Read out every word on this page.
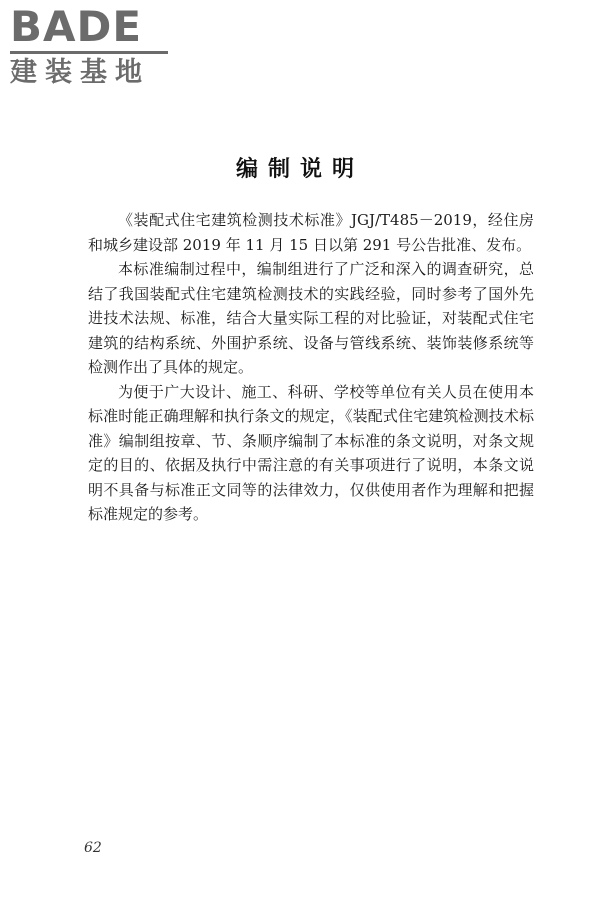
BADE
建装基地
编制说明

《装配式住宅建筑检测技术标准》JGJ/T485－2019，经住房和城乡建设部 2019 年 11 月 15 日以第 291 号公告批准、发布。

本标准编制过程中，编制组进行了广泛和深入的调查研究，总结了我国装配式住宅建筑检测技术的实践经验，同时参考了国外先进技术法规、标准，结合大量实际工程的对比验证，对装配式住宅建筑的结构系统、外围护系统、设备与管线系统、装饰装修系统等检测作出了具体的规定。

为便于广大设计、施工、科研、学校等单位有关人员在使用本标准时能正确理解和执行条文的规定，《装配式住宅建筑检测技术标准》编制组按章、节、条顺序编制了本标准的条文说明，对条文规定的目的、依据及执行中需注意的有关事项进行了说明，本条文说明不具备与标准正文同等的法律效力，仅供使用者作为理解和把握标准规定的参考。

62
